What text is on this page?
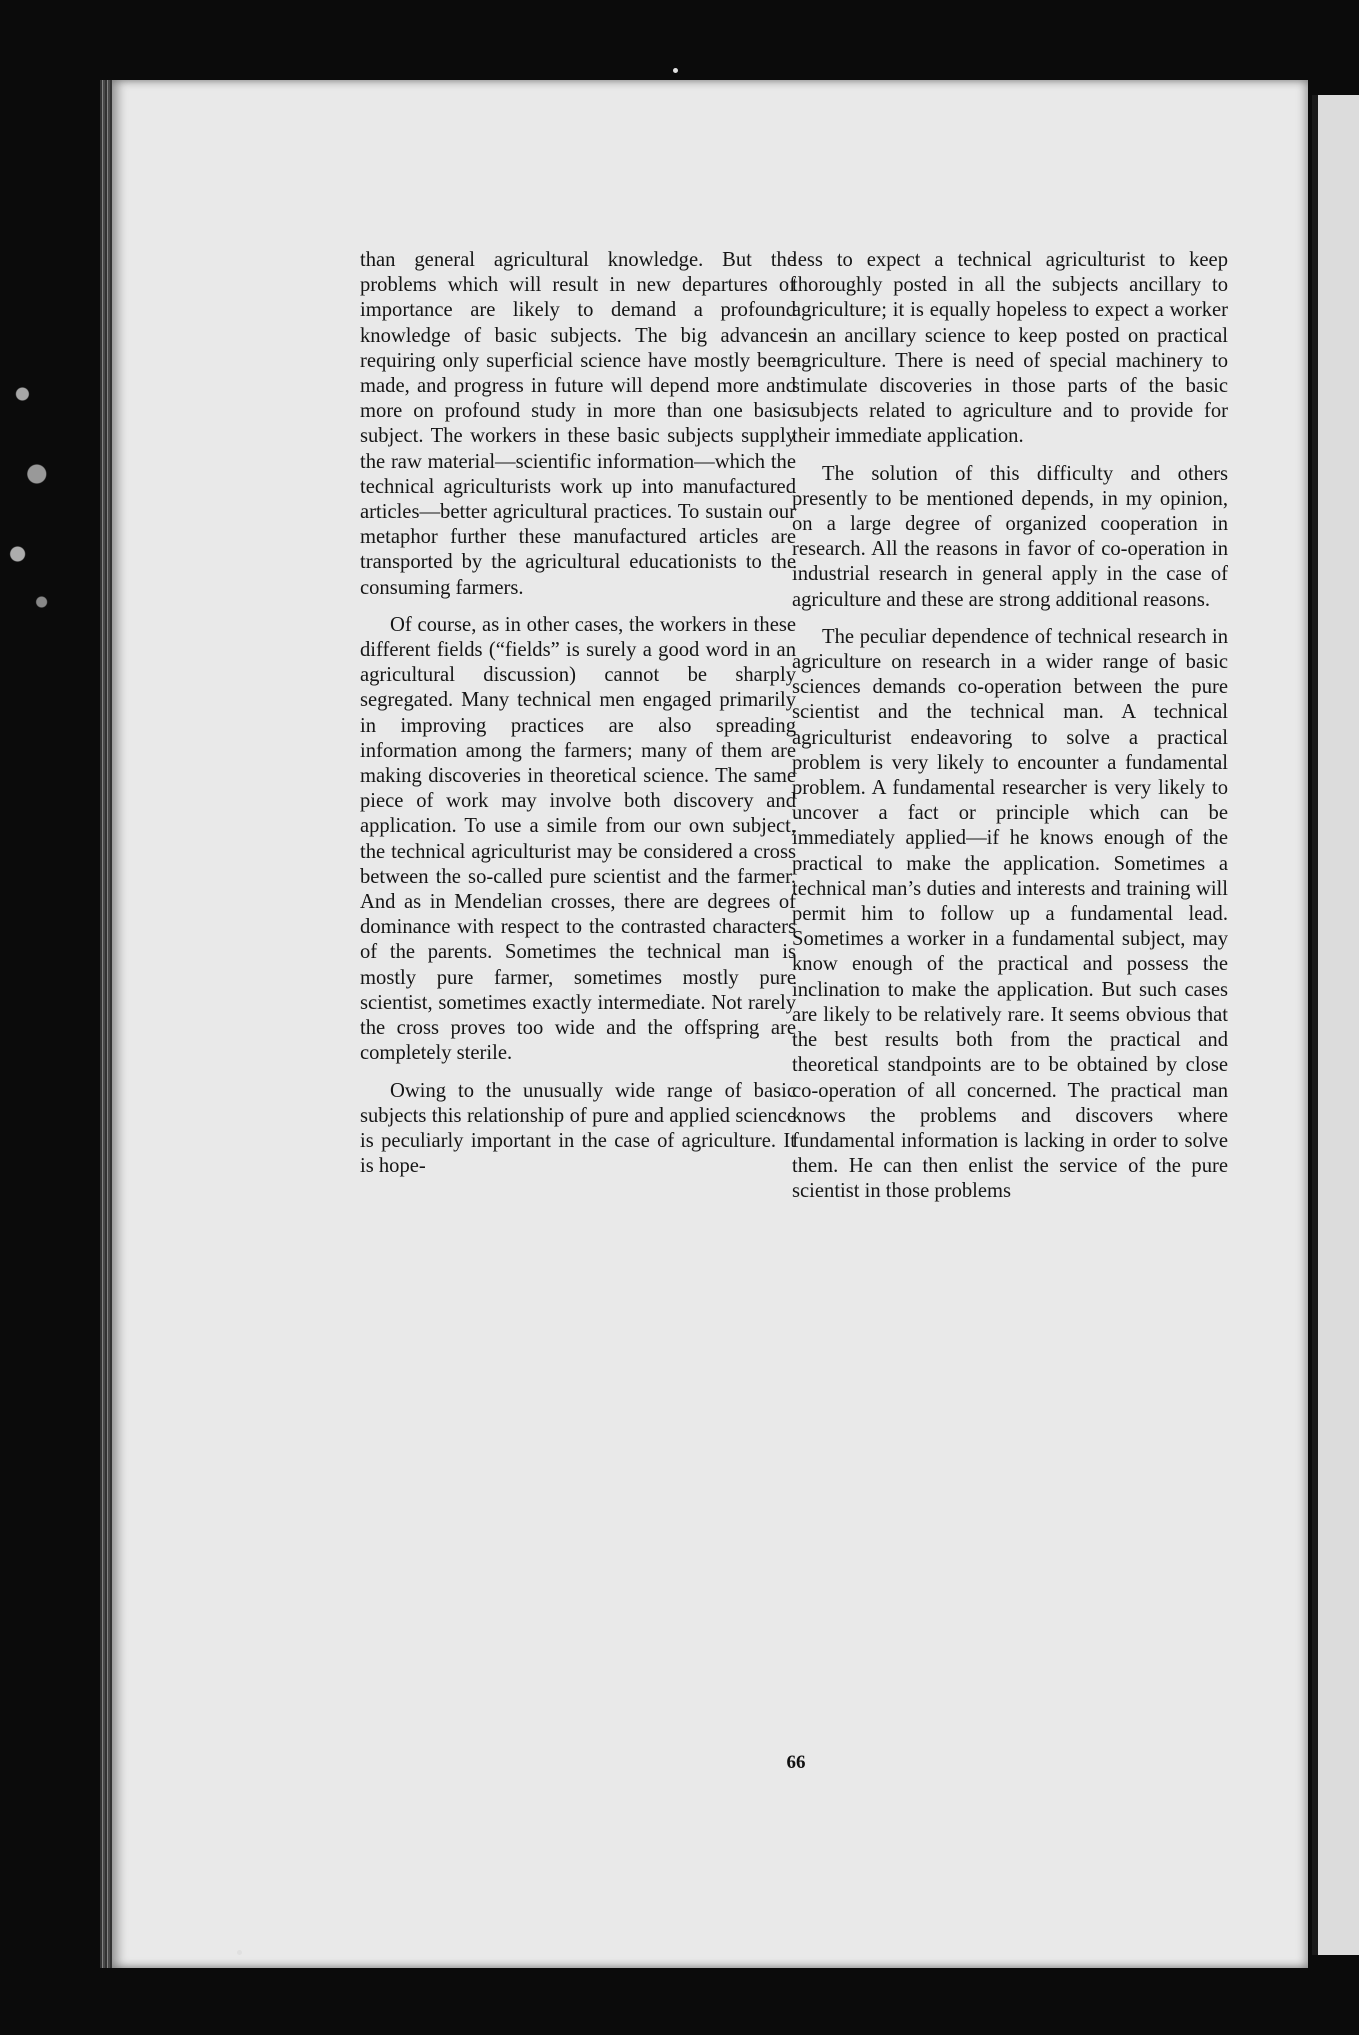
than general agricultural knowledge. But the problems which will result in new departures of importance are likely to demand a profound knowledge of basic subjects. The big advances requiring only superficial science have mostly been made, and progress in future will depend more and more on profound study in more than one basic subject. The workers in these basic subjects supply the raw material—scientific information—which the technical agriculturists work up into manufactured articles—better agricultural practices. To sustain our metaphor further these manufactured articles are transported by the agricultural educationists to the consuming farmers.

Of course, as in other cases, the workers in these different fields (“fields” is surely a good word in an agricultural discussion) cannot be sharply segregated. Many technical men engaged primarily in improving practices are also spreading information among the farmers; many of them are making discoveries in theoretical science. The same piece of work may involve both discovery and application. To use a simile from our own subject, the technical agriculturist may be considered a cross between the so-called pure scientist and the farmer. And as in Mendelian crosses, there are degrees of dominance with respect to the contrasted characters of the parents. Sometimes the technical man is mostly pure farmer, sometimes mostly pure scientist, sometimes exactly intermediate. Not rarely the cross proves too wide and the offspring are completely sterile.

Owing to the unusually wide range of basic subjects this relationship of pure and applied science is peculiarly important in the case of agriculture. It is hope-

less to expect a technical agriculturist to keep thoroughly posted in all the subjects ancillary to agriculture; it is equally hopeless to expect a worker in an ancillary science to keep posted on practical agriculture. There is need of special machinery to stimulate discoveries in those parts of the basic subjects related to agriculture and to provide for their immediate application.

The solution of this difficulty and others presently to be mentioned depends, in my opinion, on a large degree of organized cooperation in research. All the reasons in favor of co-operation in industrial research in general apply in the case of agriculture and these are strong additional reasons.

The peculiar dependence of technical research in agriculture on research in a wider range of basic sciences demands co-operation between the pure scientist and the technical man. A technical agriculturist endeavoring to solve a practical problem is very likely to encounter a fundamental problem. A fundamental researcher is very likely to uncover a fact or principle which can be immediately applied—if he knows enough of the practical to make the application. Sometimes a technical man’s duties and interests and training will permit him to follow up a fundamental lead. Sometimes a worker in a fundamental subject, may know enough of the practical and possess the inclination to make the application. But such cases are likely to be relatively rare. It seems obvious that the best results both from the practical and theoretical standpoints are to be obtained by close co-operation of all concerned. The practical man knows the problems and discovers where fundamental information is lacking in order to solve them. He can then enlist the service of the pure scientist in those problems

66
